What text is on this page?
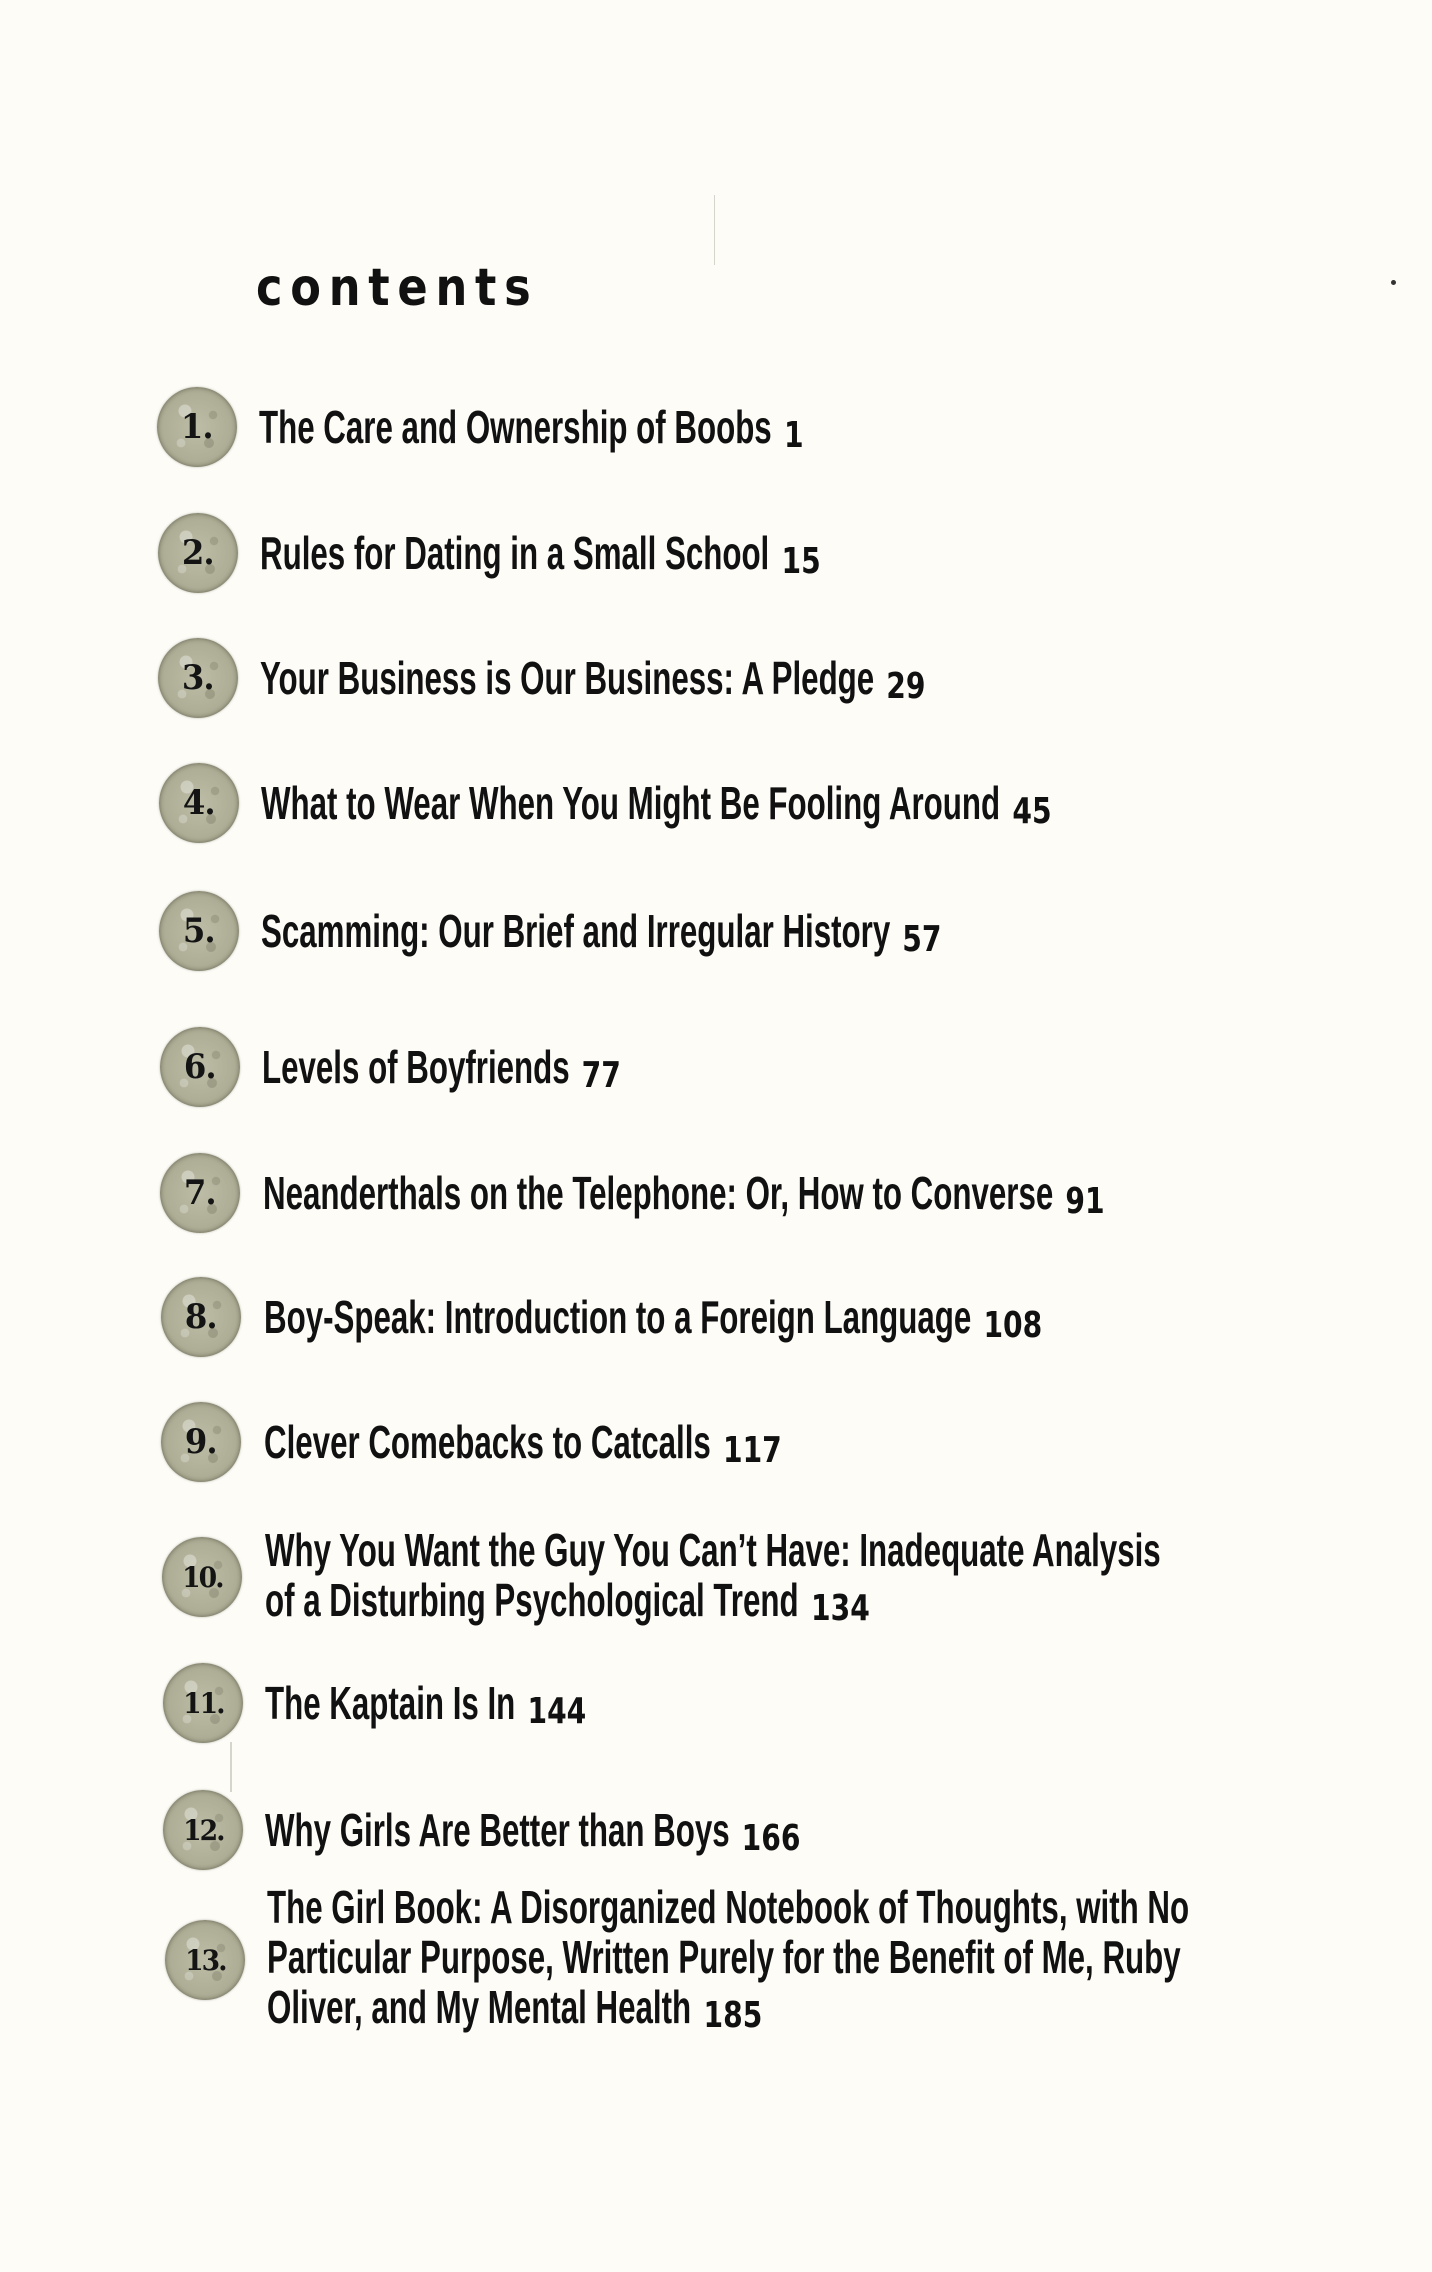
contents
1. The Care and Ownership of Boobs 1
2. Rules for Dating in a Small School 15
3. Your Business is Our Business: A Pledge 29
4. What to Wear When You Might Be Fooling Around 45
5. Scamming: Our Brief and Irregular History 57
6. Levels of Boyfriends 77
7. Neanderthals on the Telephone: Or, How to Converse 91
8. Boy-Speak: Introduction to a Foreign Language 108
9. Clever Comebacks to Catcalls 117
10.
Why You Want the Guy You Can’t Have: Inadequate Analysis
of a Disturbing Psychological Trend 134
11. The Kaptain Is In 144
12. Why Girls Are Better than Boys 166
13.
The Girl Book: A Disorganized Notebook of Thoughts, with No
Particular Purpose, Written Purely for the Benefit of Me, Ruby
Oliver, and My Mental Health 185
